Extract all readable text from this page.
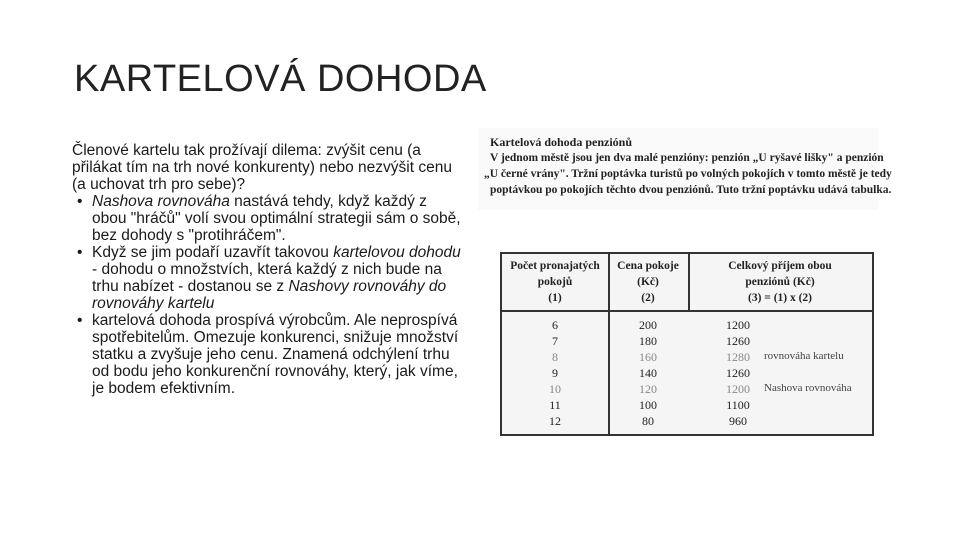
KARTELOVÁ DOHODA

Členové kartelu tak prožívají dilema: zvýšit cenu (a přilákat tím na trh nové konkurenty) nebo nezvýšit cenu (a uchovat trh pro sebe)?

• Nashova rovnováha nastává tehdy, když každý z obou "hráčů" volí svou optimální strategii sám o sobě, bez dohody s "protihráčem".

• Když se jim podaří uzavřít takovou kartelovou dohodu - dohodu o množstvích, která každý z nich bude na trhu nabízet - dostanou se z Nashovy rovnováhy do rovnováhy kartelu

• kartelová dohoda prospívá výrobcům. Ale neprospívá spotřebitelům. Omezuje konkurenci, snižuje množství statku a zvyšuje jeho cenu. Znamená odchýlení trhu od bodu jeho konkurenční rovnováhy, který, jak víme, je bodem efektivním.

Kartelová dohoda penziónů
V jednom městě jsou jen dva malé penzióny: penzión „U ryšavé lišky" a penzión
„U černé vrány". Tržní poptávka turistů po volných pokojích v tomto městě je tedy
poptávkou po pokojích těchto dvou penziónů. Tuto tržní poptávku udává tabulka.
Počet pronajatých
pokojů
(1)
Cena pokoje
(Kč)
(2)
Celkový příjem obou
penziónů (Kč)
(3) = (1) x (2)
6	200	1200
7	180	1260
8	160	1280	rovnováha kartelu
9	140	1260
10	120	1200	Nashova rovnováha
11	100	1100
12	80	960
